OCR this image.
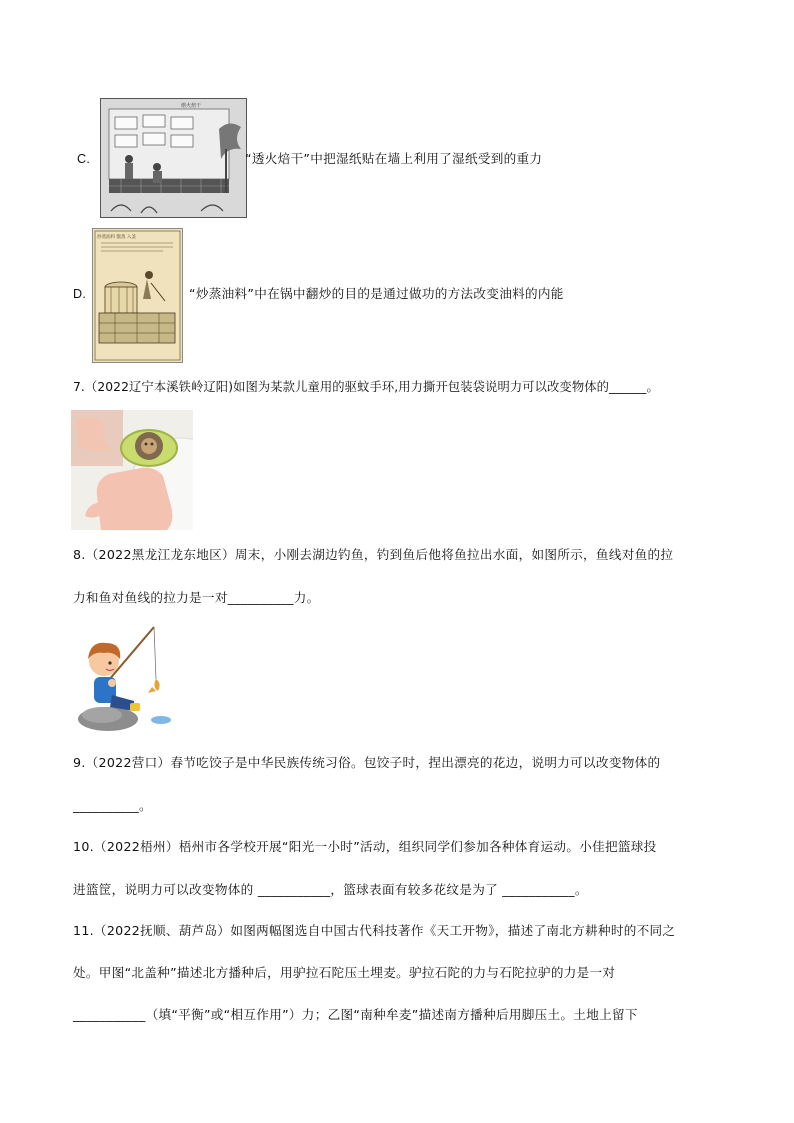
熔火焙干
C.	“透火焙干”中把湿纸贴在墙上利用了湿纸受到的重力
炒蒸油料 甑蒸 入釜
D.	“炒蒸油料”中在锅中翻炒的目的是通过做功的方法改变油料的内能
7.（2022辽宁本溪铁岭辽阳)如图为某款儿童用的驱蚊手环,用力撕开包装袋说明力可以改变物体的______。
8.（2022黑龙江龙东地区）周末，小刚去湖边钓鱼，钓到鱼后他将鱼拉出水面，如图所示，鱼线对鱼的拉
力和鱼对鱼线的拉力是一对__________力。
9.（2022营口）春节吃饺子是中华民族传统习俗。包饺子时，捏出漂亮的花边，说明力可以改变物体的
__________。
10.（2022梧州）梧州市各学校开展“阳光一小时”活动，组织同学们参加各种体育运动。小佳把篮球投
进篮筐，说明力可以改变物体的 ___________，篮球表面有较多花纹是为了 ___________。
11.（2022抚顺、葫芦岛）如图两幅图选自中国古代科技著作《天工开物》，描述了南北方耕种时的不同之
处。甲图“北盖种”描述北方播种后，用驴拉石陀压土埋麦。驴拉石陀的力与石陀拉驴的力是一对
___________（填“平衡”或“相互作用”）力；乙图“南种牟麦”描述南方播种后用脚压土。土地上留下
